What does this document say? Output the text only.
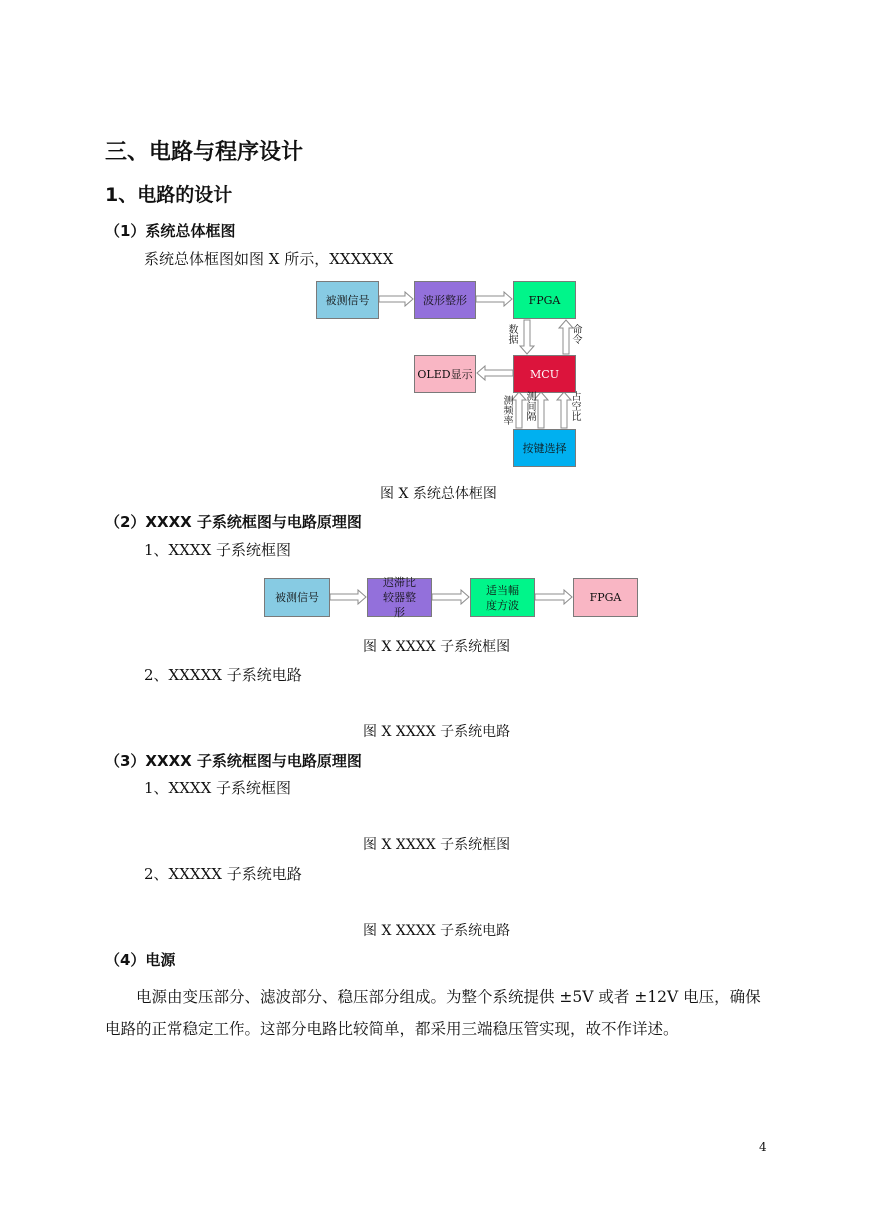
三、电路与程序设计
1、电路的设计
（1）系统总体框图
系统总体框图如图 X 所示，XXXXXX
被测信号	波形整形	FPGA
OLED显示	MCU
按键选择
数据
命令
测频率
测间隔
占空比
图 X 系统总体框图
（2）XXXX 子系统框图与电路原理图
1、XXXX 子系统框图
被测信号
迟滞比较器整形
适当幅度方波
FPGA
图 X XXXX 子系统框图
2、XXXXX 子系统电路
图 X XXXX 子系统电路
（3）XXXX 子系统框图与电路原理图
1、XXXX 子系统框图
图 X XXXX 子系统框图
2、XXXXX 子系统电路
图 X XXXX 子系统电路
（4）电源
电源由变压部分、滤波部分、稳压部分组成。为整个系统提供 ±5V 或者 ±12V 电压，确保电路的正常稳定工作。这部分电路比较简单，都采用三端稳压管实现，故不作详述。
4
